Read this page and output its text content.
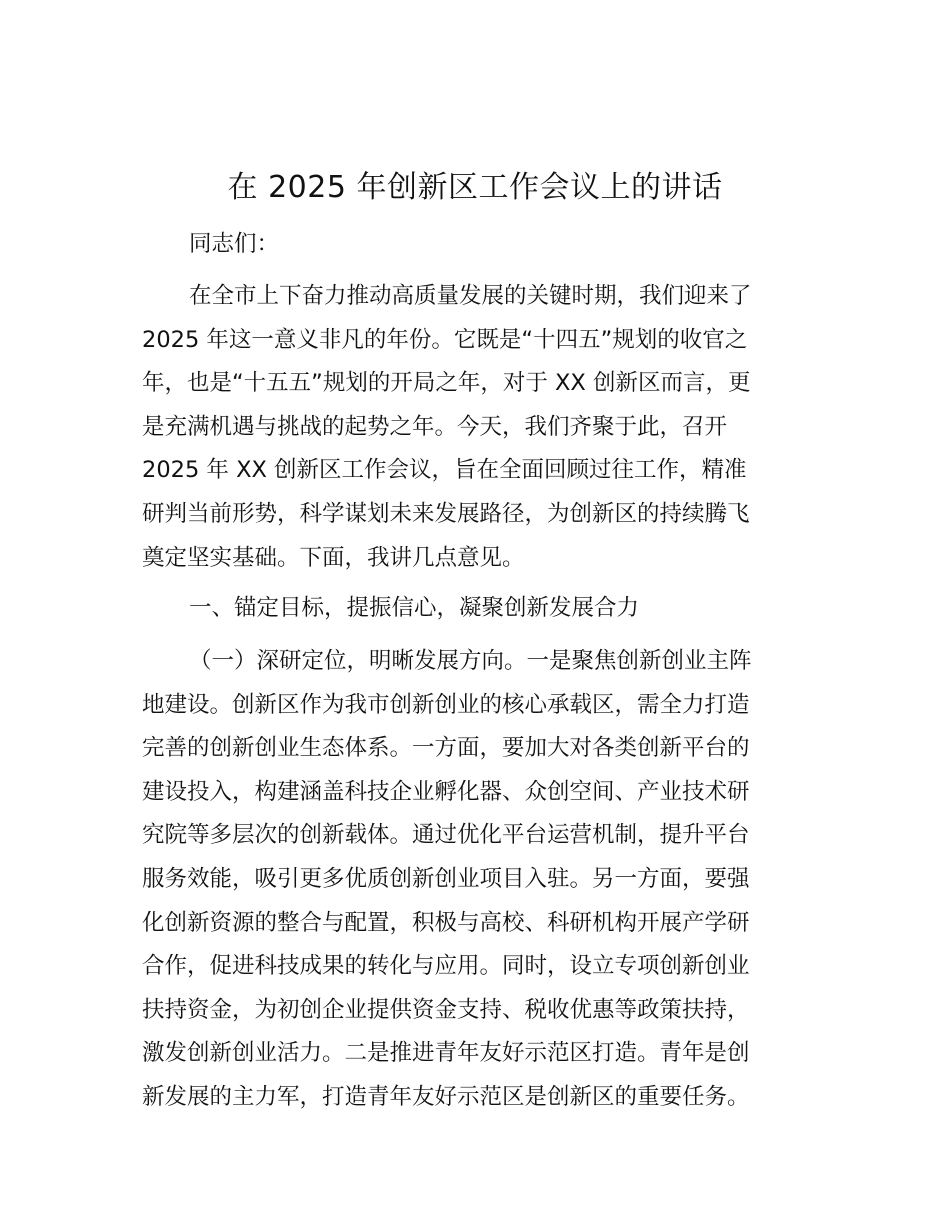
在 2025 年创新区工作会议上的讲话
同志们：
在全市上下奋力推动高质量发展的关键时期，我们迎来了
2025 年这一意义非凡的年份。它既是“十四五”规划的收官之
年，也是“十五五”规划的开局之年，对于 XX 创新区而言，更
是充满机遇与挑战的起势之年。今天，我们齐聚于此，召开
2025 年 XX 创新区工作会议，旨在全面回顾过往工作，精准
研判当前形势，科学谋划未来发展路径，为创新区的持续腾飞
奠定坚实基础。下面，我讲几点意见。
一、锚定目标，提振信心，凝聚创新发展合力
（一）深研定位，明晰发展方向。一是聚焦创新创业主阵
地建设。创新区作为我市创新创业的核心承载区，需全力打造
完善的创新创业生态体系。一方面，要加大对各类创新平台的
建设投入，构建涵盖科技企业孵化器、众创空间、产业技术研
究院等多层次的创新载体。通过优化平台运营机制，提升平台
服务效能，吸引更多优质创新创业项目入驻。另一方面，要强
化创新资源的整合与配置，积极与高校、科研机构开展产学研
合作，促进科技成果的转化与应用。同时，设立专项创新创业
扶持资金，为初创企业提供资金支持、税收优惠等政策扶持，
激发创新创业活力。二是推进青年友好示范区打造。青年是创
新发展的主力军，打造青年友好示范区是创新区的重要任务。
